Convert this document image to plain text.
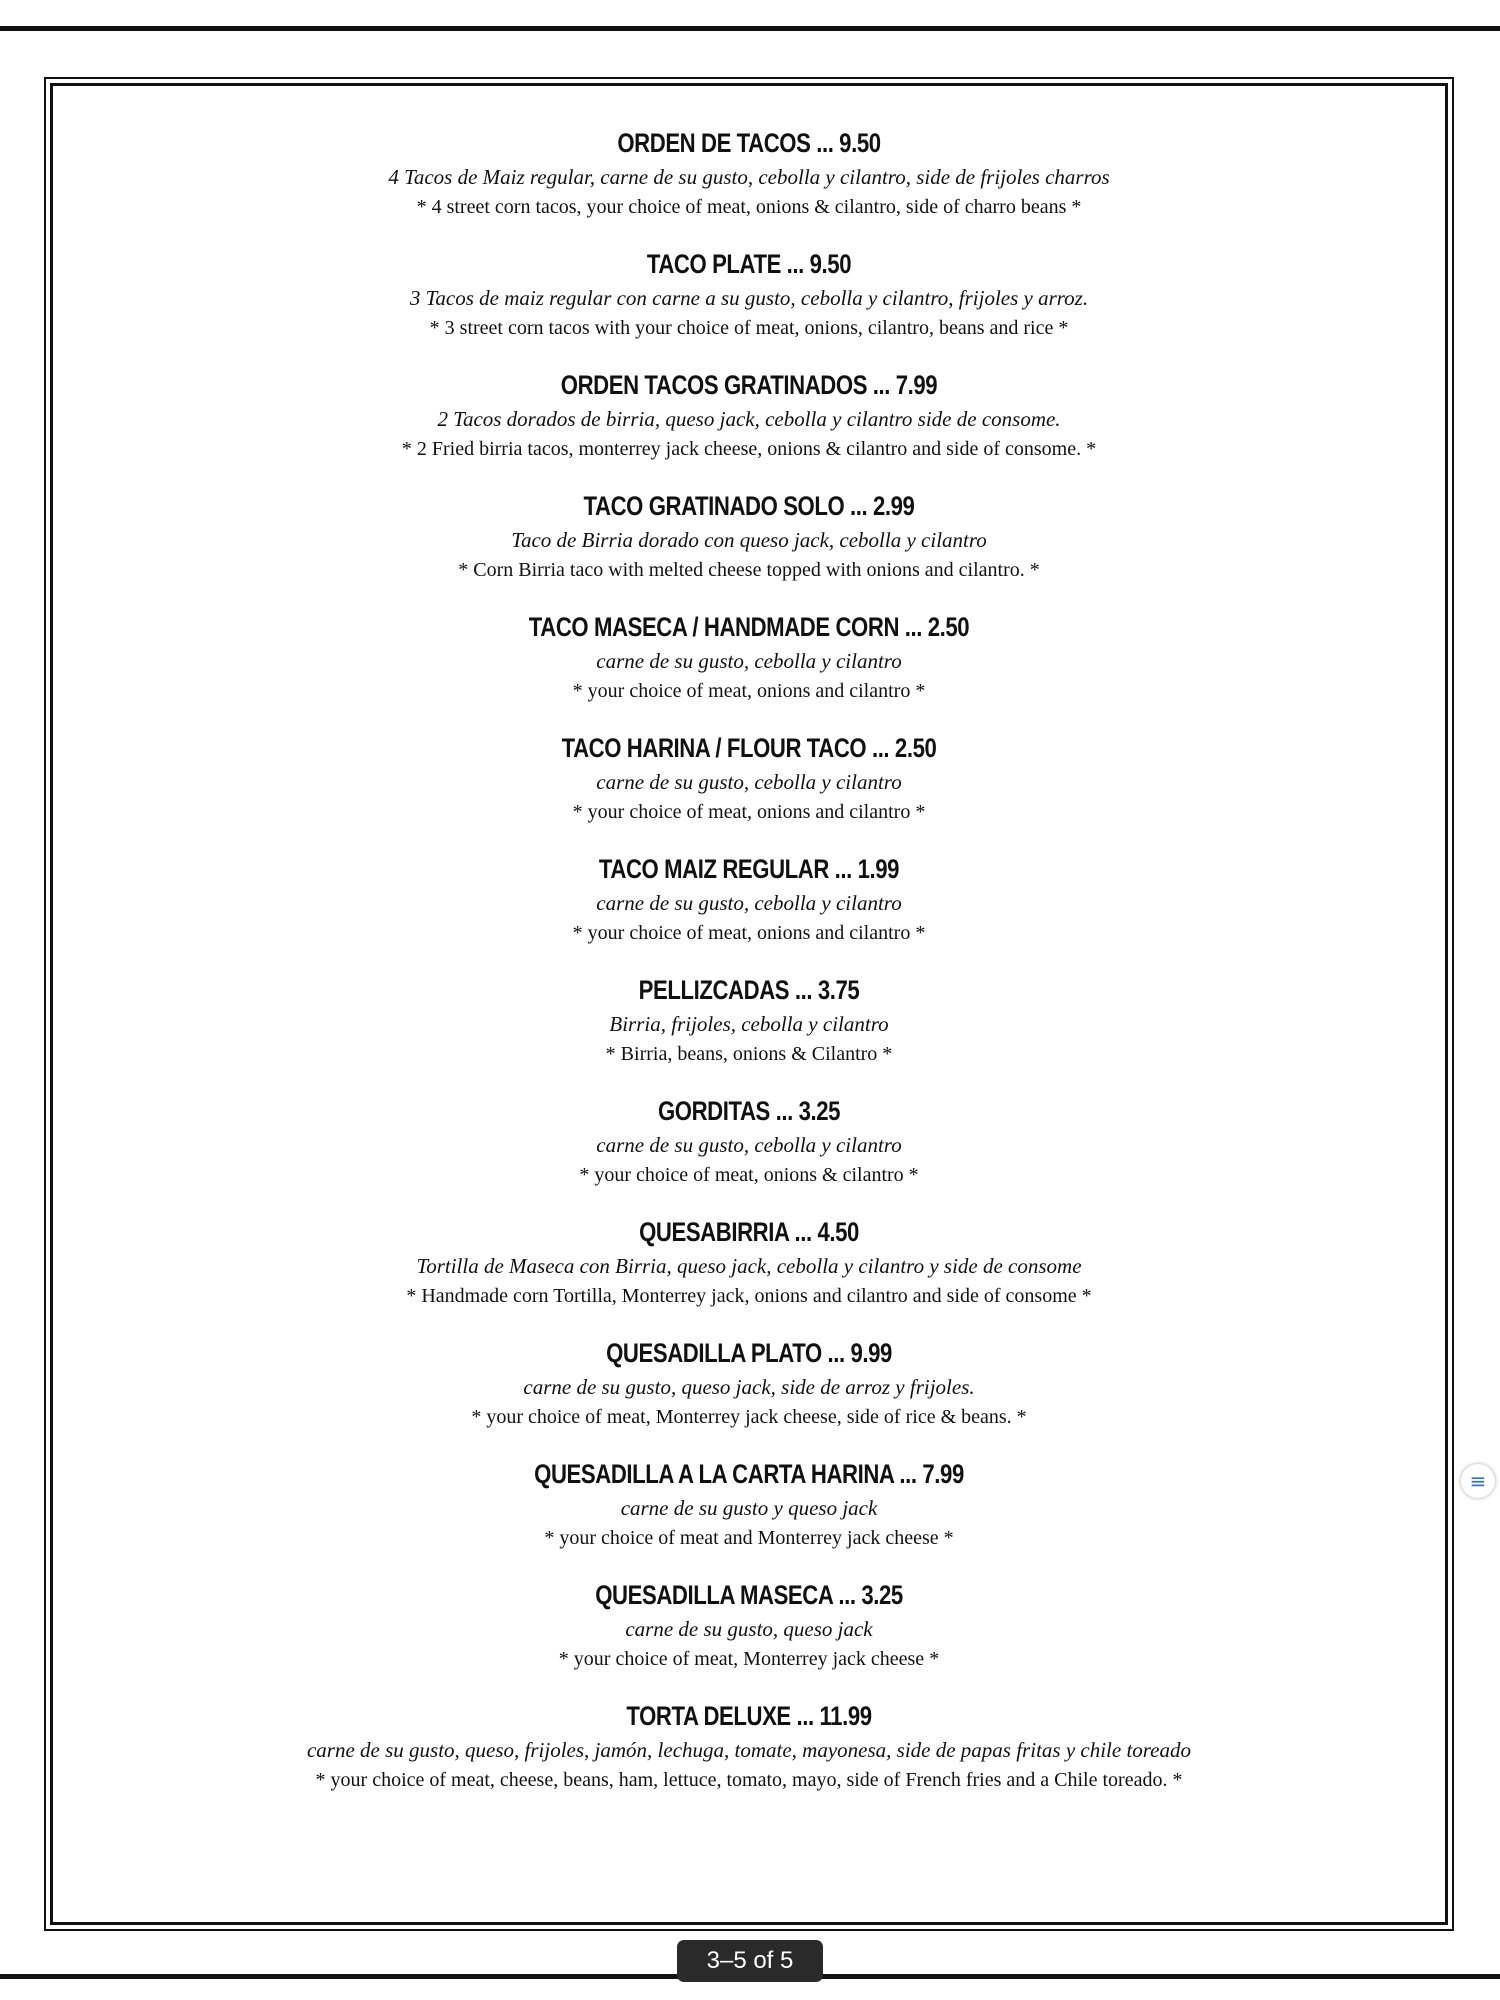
ORDEN DE TACOS ... 9.50
4 Tacos de Maiz regular, carne de su gusto, cebolla y cilantro, side de frijoles charros
* 4 street corn tacos, your choice of meat, onions & cilantro, side of charro beans *
TACO PLATE ... 9.50
3 Tacos de maiz regular con carne a su gusto, cebolla y cilantro, frijoles y arroz.
* 3 street corn tacos with your choice of meat, onions, cilantro, beans and rice *
ORDEN TACOS GRATINADOS ... 7.99
2 Tacos dorados de birria, queso jack, cebolla y cilantro side de consome.
* 2 Fried birria tacos, monterrey jack cheese, onions & cilantro and side of consome. *
TACO GRATINADO SOLO ... 2.99
Taco de Birria dorado con queso jack, cebolla y cilantro
* Corn Birria taco with melted cheese topped with onions and cilantro. *
TACO MASECA / HANDMADE CORN ... 2.50
carne de su gusto, cebolla y cilantro
* your choice of meat, onions and cilantro *
TACO HARINA / FLOUR TACO ... 2.50
carne de su gusto, cebolla y cilantro
* your choice of meat, onions and cilantro *
TACO MAIZ REGULAR ... 1.99
carne de su gusto, cebolla y cilantro
* your choice of meat, onions and cilantro *
PELLIZCADAS ... 3.75
Birria, frijoles, cebolla y cilantro
* Birria, beans, onions & Cilantro *
GORDITAS ... 3.25
carne de su gusto, cebolla y cilantro
* your choice of meat, onions & cilantro *
QUESABIRRIA ... 4.50
Tortilla de Maseca con Birria, queso jack, cebolla y cilantro y side de consome
* Handmade corn Tortilla, Monterrey jack, onions and cilantro and side of consome *
QUESADILLA PLATO ... 9.99
carne de su gusto, queso jack, side de arroz y frijoles.
* your choice of meat, Monterrey jack cheese, side of rice & beans. *
QUESADILLA A LA CARTA HARINA ... 7.99
carne de su gusto y queso jack
* your choice of meat and Monterrey jack cheese *
QUESADILLA MASECA ... 3.25
carne de su gusto, queso jack
* your choice of meat, Monterrey jack cheese *
TORTA DELUXE ... 11.99
carne de su gusto, queso, frijoles, jamón, lechuga, tomate, mayonesa, side de papas fritas y chile toreado
* your choice of meat, cheese, beans, ham, lettuce, tomato, mayo, side of French fries and a Chile toreado. *
≡
3–5 of 5
